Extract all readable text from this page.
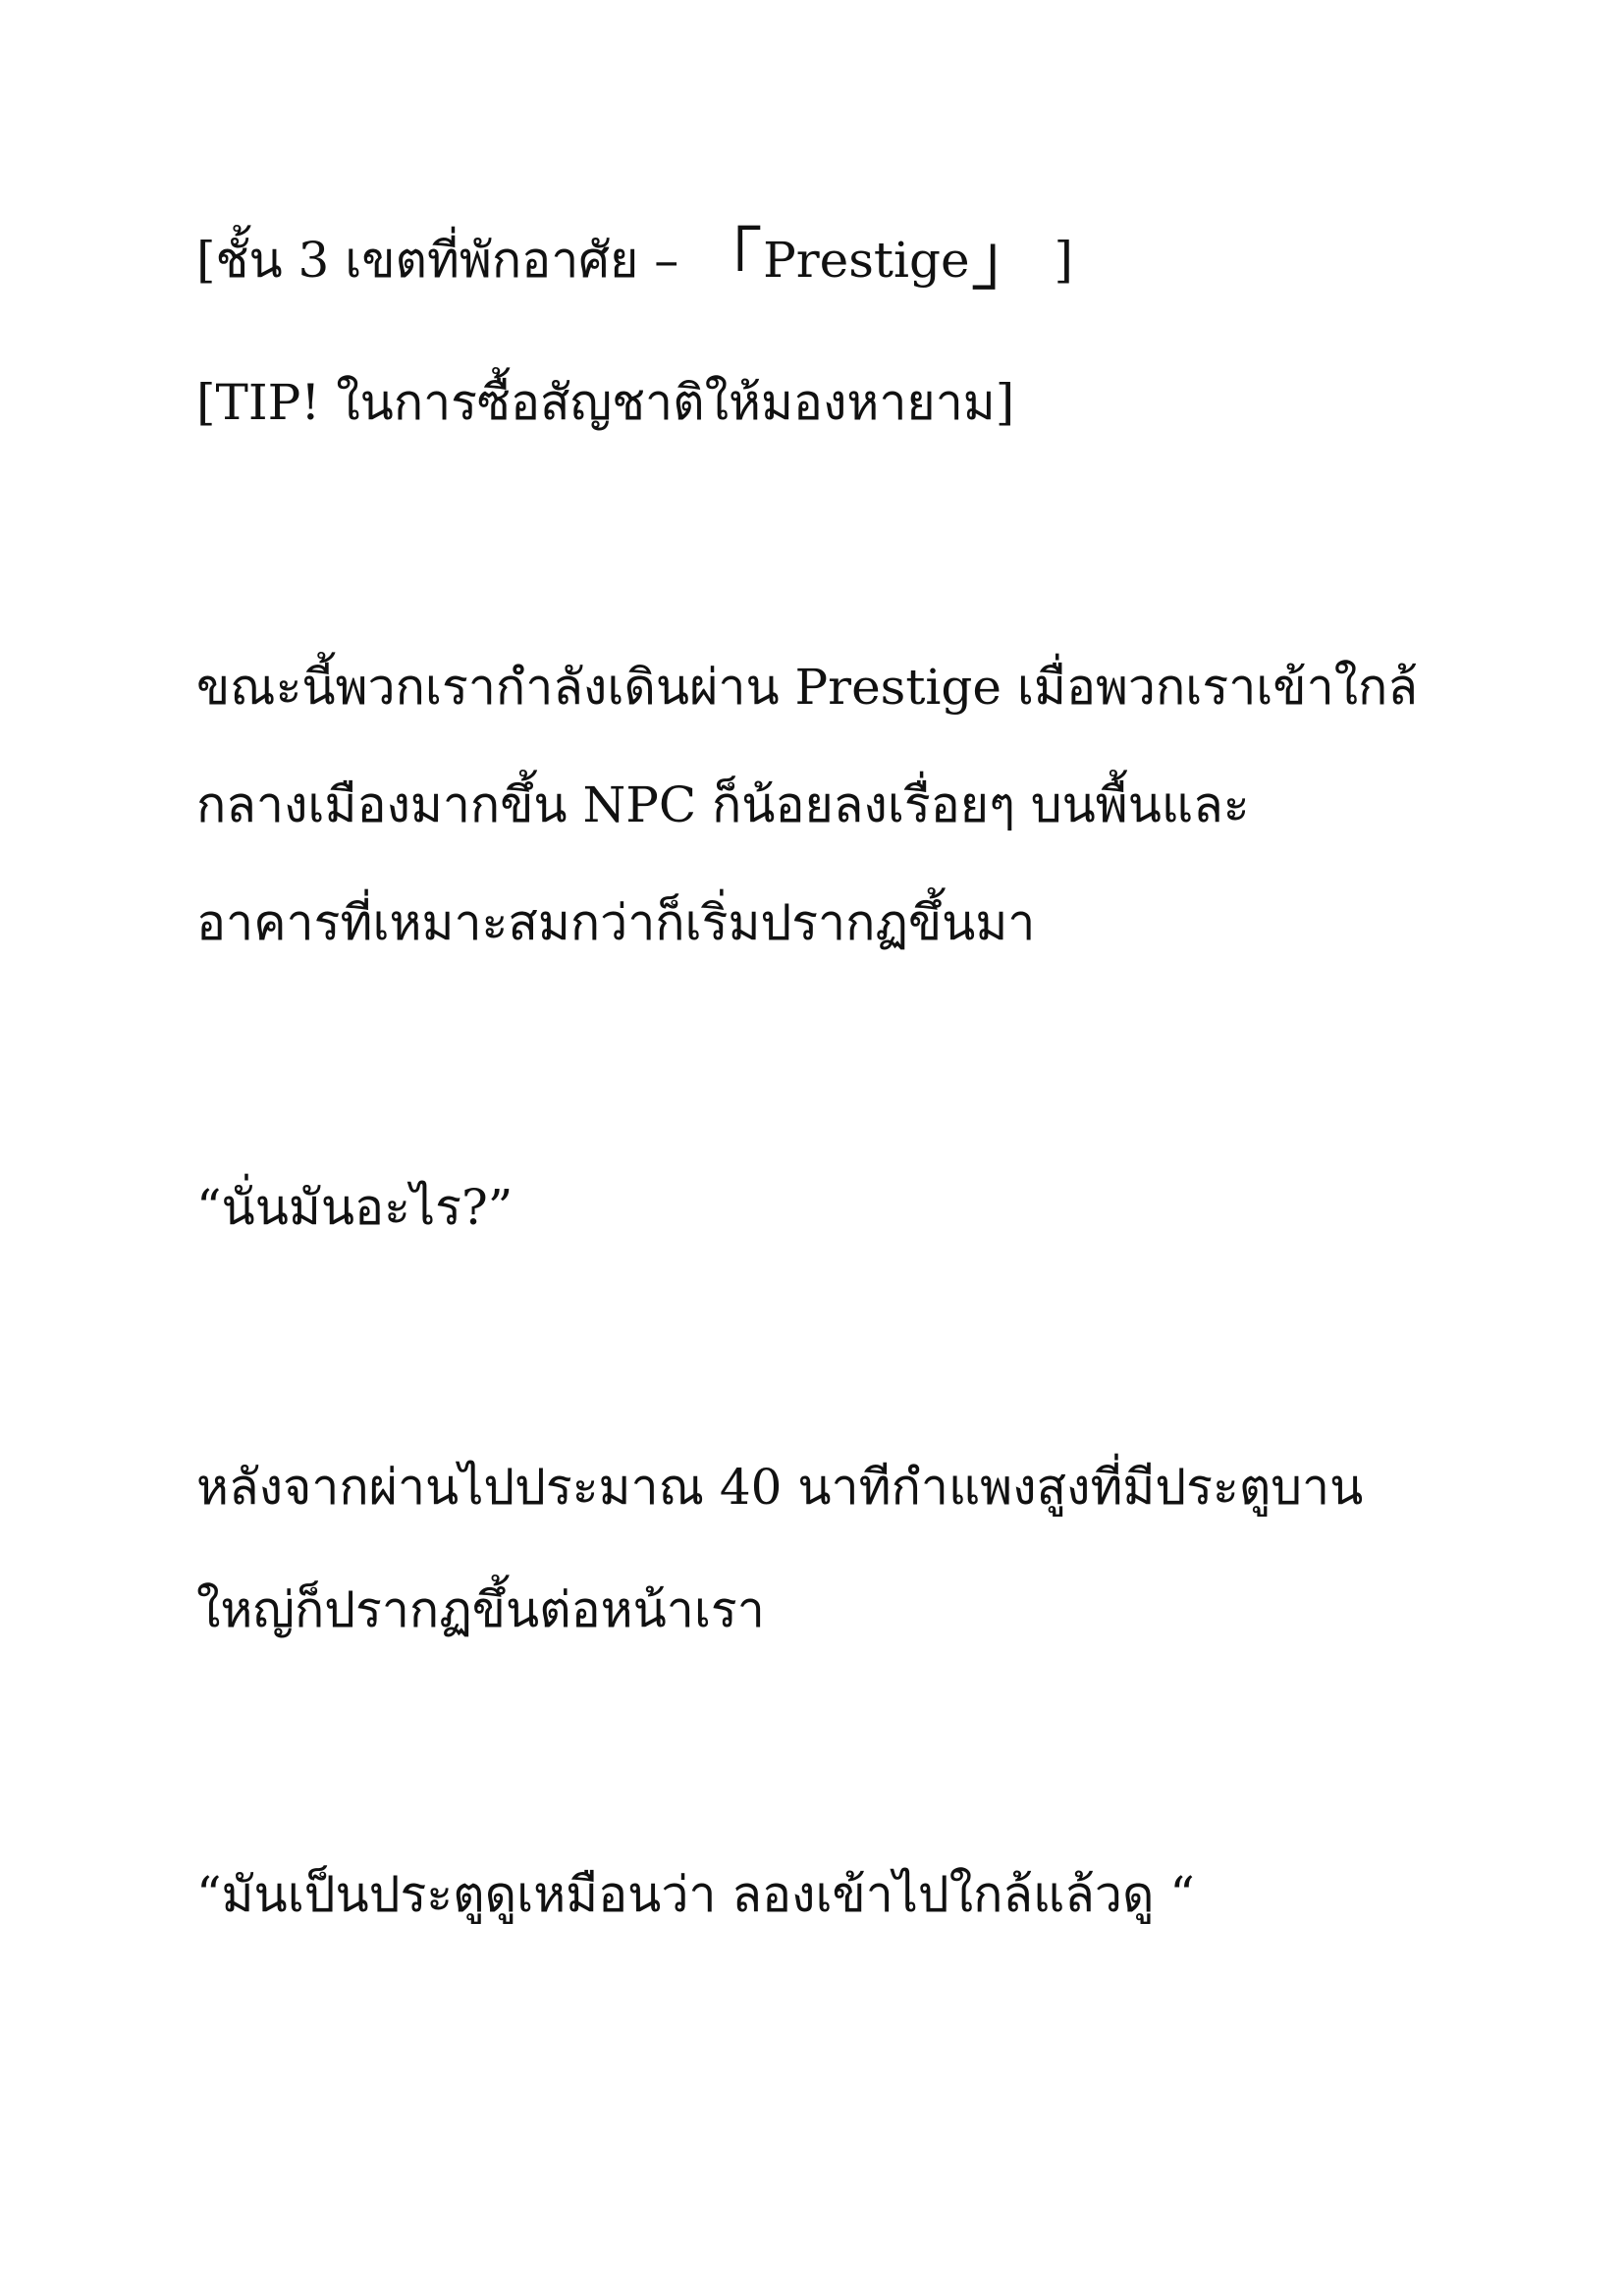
[ชั้น 3 เขตที่พักอาศัย – 「Prestige」 ]

[TIP! ในการซื้อสัญชาติให้มองหายาม]

ขณะนี้พวกเรากำลังเดินผ่าน Prestige เมื่อพวกเราเข้าใกล้

กลางเมืองมากขึ้น NPC ก็น้อยลงเรื่อยๆ บนพื้นและ

อาคารที่เหมาะสมกว่าก็เริ่มปรากฏขึ้นมา

“นั่นมันอะไร?”

หลังจากผ่านไปประมาณ 40 นาทีกำแพงสูงที่มีประตูบาน

ใหญ่ก็ปรากฏขึ้นต่อหน้าเรา

“มันเป็นประตูดูเหมือนว่า ลองเข้าไปใกล้แล้วดู “
